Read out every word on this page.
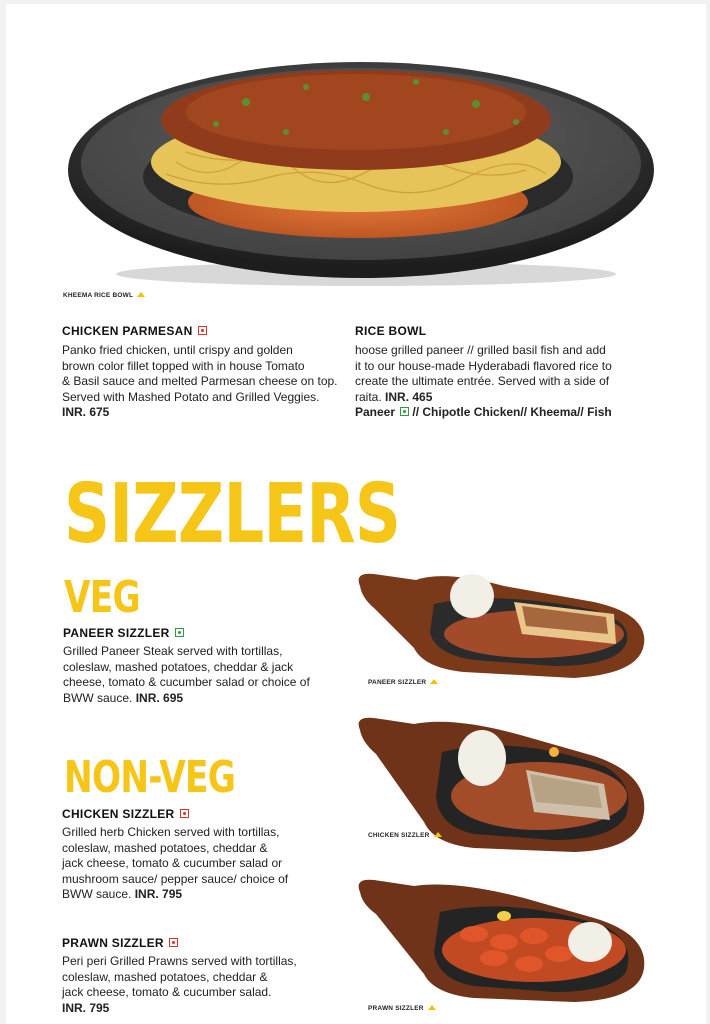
KHEEMA RICE BOWL
CHICKEN PARMESAN
Panko fried chicken, until crispy and golden
brown color fillet topped with in house Tomato
& Basil sauce and melted Parmesan cheese on top.
Served with Mashed Potato and Grilled Veggies.
INR. 675
RICE BOWL
hoose grilled paneer // grilled basil fish and add
it to our house-made Hyderabadi flavored rice to
create the ultimate entrée. Served with a side of
raita. INR. 465
Paneer // Chipotle Chicken// Kheema// Fish
SIZZLERS
VEG
PANEER SIZZLER
Grilled Paneer Steak served with tortillas,
coleslaw, mashed potatoes, cheddar & jack
cheese, tomato & cucumber salad or choice of
BWW sauce. INR. 695
PANEER SIZZLER
NON-VEG
CHICKEN SIZZLER
Grilled herb Chicken served with tortillas,
coleslaw, mashed potatoes, cheddar &
jack cheese, tomato & cucumber salad or
mushroom sauce/ pepper sauce/ choice of
BWW sauce. INR. 795
CHICKEN SIZZLER
PRAWN SIZZLER
Peri peri Grilled Prawns served with tortillas,
coleslaw, mashed potatoes, cheddar &
jack cheese, tomato & cucumber salad.
INR. 795	PRAWN SIZZLER
